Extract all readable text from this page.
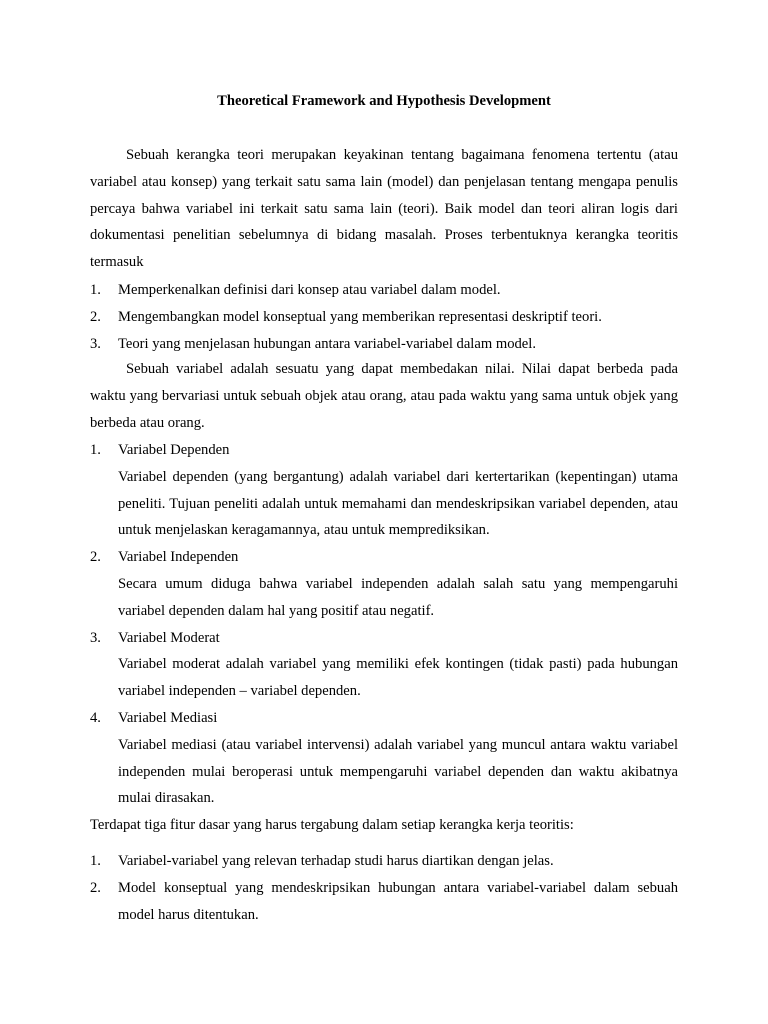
Theoretical Framework and Hypothesis Development

Sebuah kerangka teori merupakan keyakinan tentang bagaimana fenomena tertentu (atau variabel atau konsep) yang terkait satu sama lain (model) dan penjelasan tentang mengapa penulis percaya bahwa variabel ini terkait satu sama lain (teori). Baik model dan teori aliran logis dari dokumentasi penelitian sebelumnya di bidang masalah. Proses terbentuknya kerangka teoritis termasuk

1.	Memperkenalkan definisi dari konsep atau variabel dalam model.
2.	Mengembangkan model konseptual yang memberikan representasi deskriptif teori.
3.	Teori yang menjelasan hubungan antara variabel-variabel dalam model.

Sebuah variabel adalah sesuatu yang dapat membedakan nilai. Nilai dapat berbeda pada waktu yang bervariasi untuk sebuah objek atau orang, atau pada waktu yang sama untuk objek yang berbeda atau orang.

1.	Variabel Dependen
Variabel dependen (yang bergantung) adalah variabel dari kertertarikan (kepentingan) utama peneliti. Tujuan peneliti adalah untuk memahami dan mendeskripsikan variabel dependen, atau untuk menjelaskan keragamannya, atau untuk memprediksikan.
2.	Variabel Independen
Secara umum diduga bahwa variabel independen adalah salah satu yang mempengaruhi variabel dependen dalam hal yang positif atau negatif.
3.	Variabel Moderat
Variabel moderat adalah variabel yang memiliki efek kontingen (tidak pasti) pada hubungan variabel independen – variabel dependen.
4.	Variabel Mediasi
Variabel mediasi (atau variabel intervensi) adalah variabel yang muncul antara waktu variabel independen mulai beroperasi untuk mempengaruhi variabel dependen dan waktu akibatnya mulai dirasakan.

Terdapat tiga fitur dasar yang harus tergabung dalam setiap kerangka kerja teoritis:

1.	Variabel-variabel yang relevan terhadap studi harus diartikan dengan jelas.
2.	Model konseptual yang mendeskripsikan hubungan antara variabel-variabel dalam sebuah model harus ditentukan.
